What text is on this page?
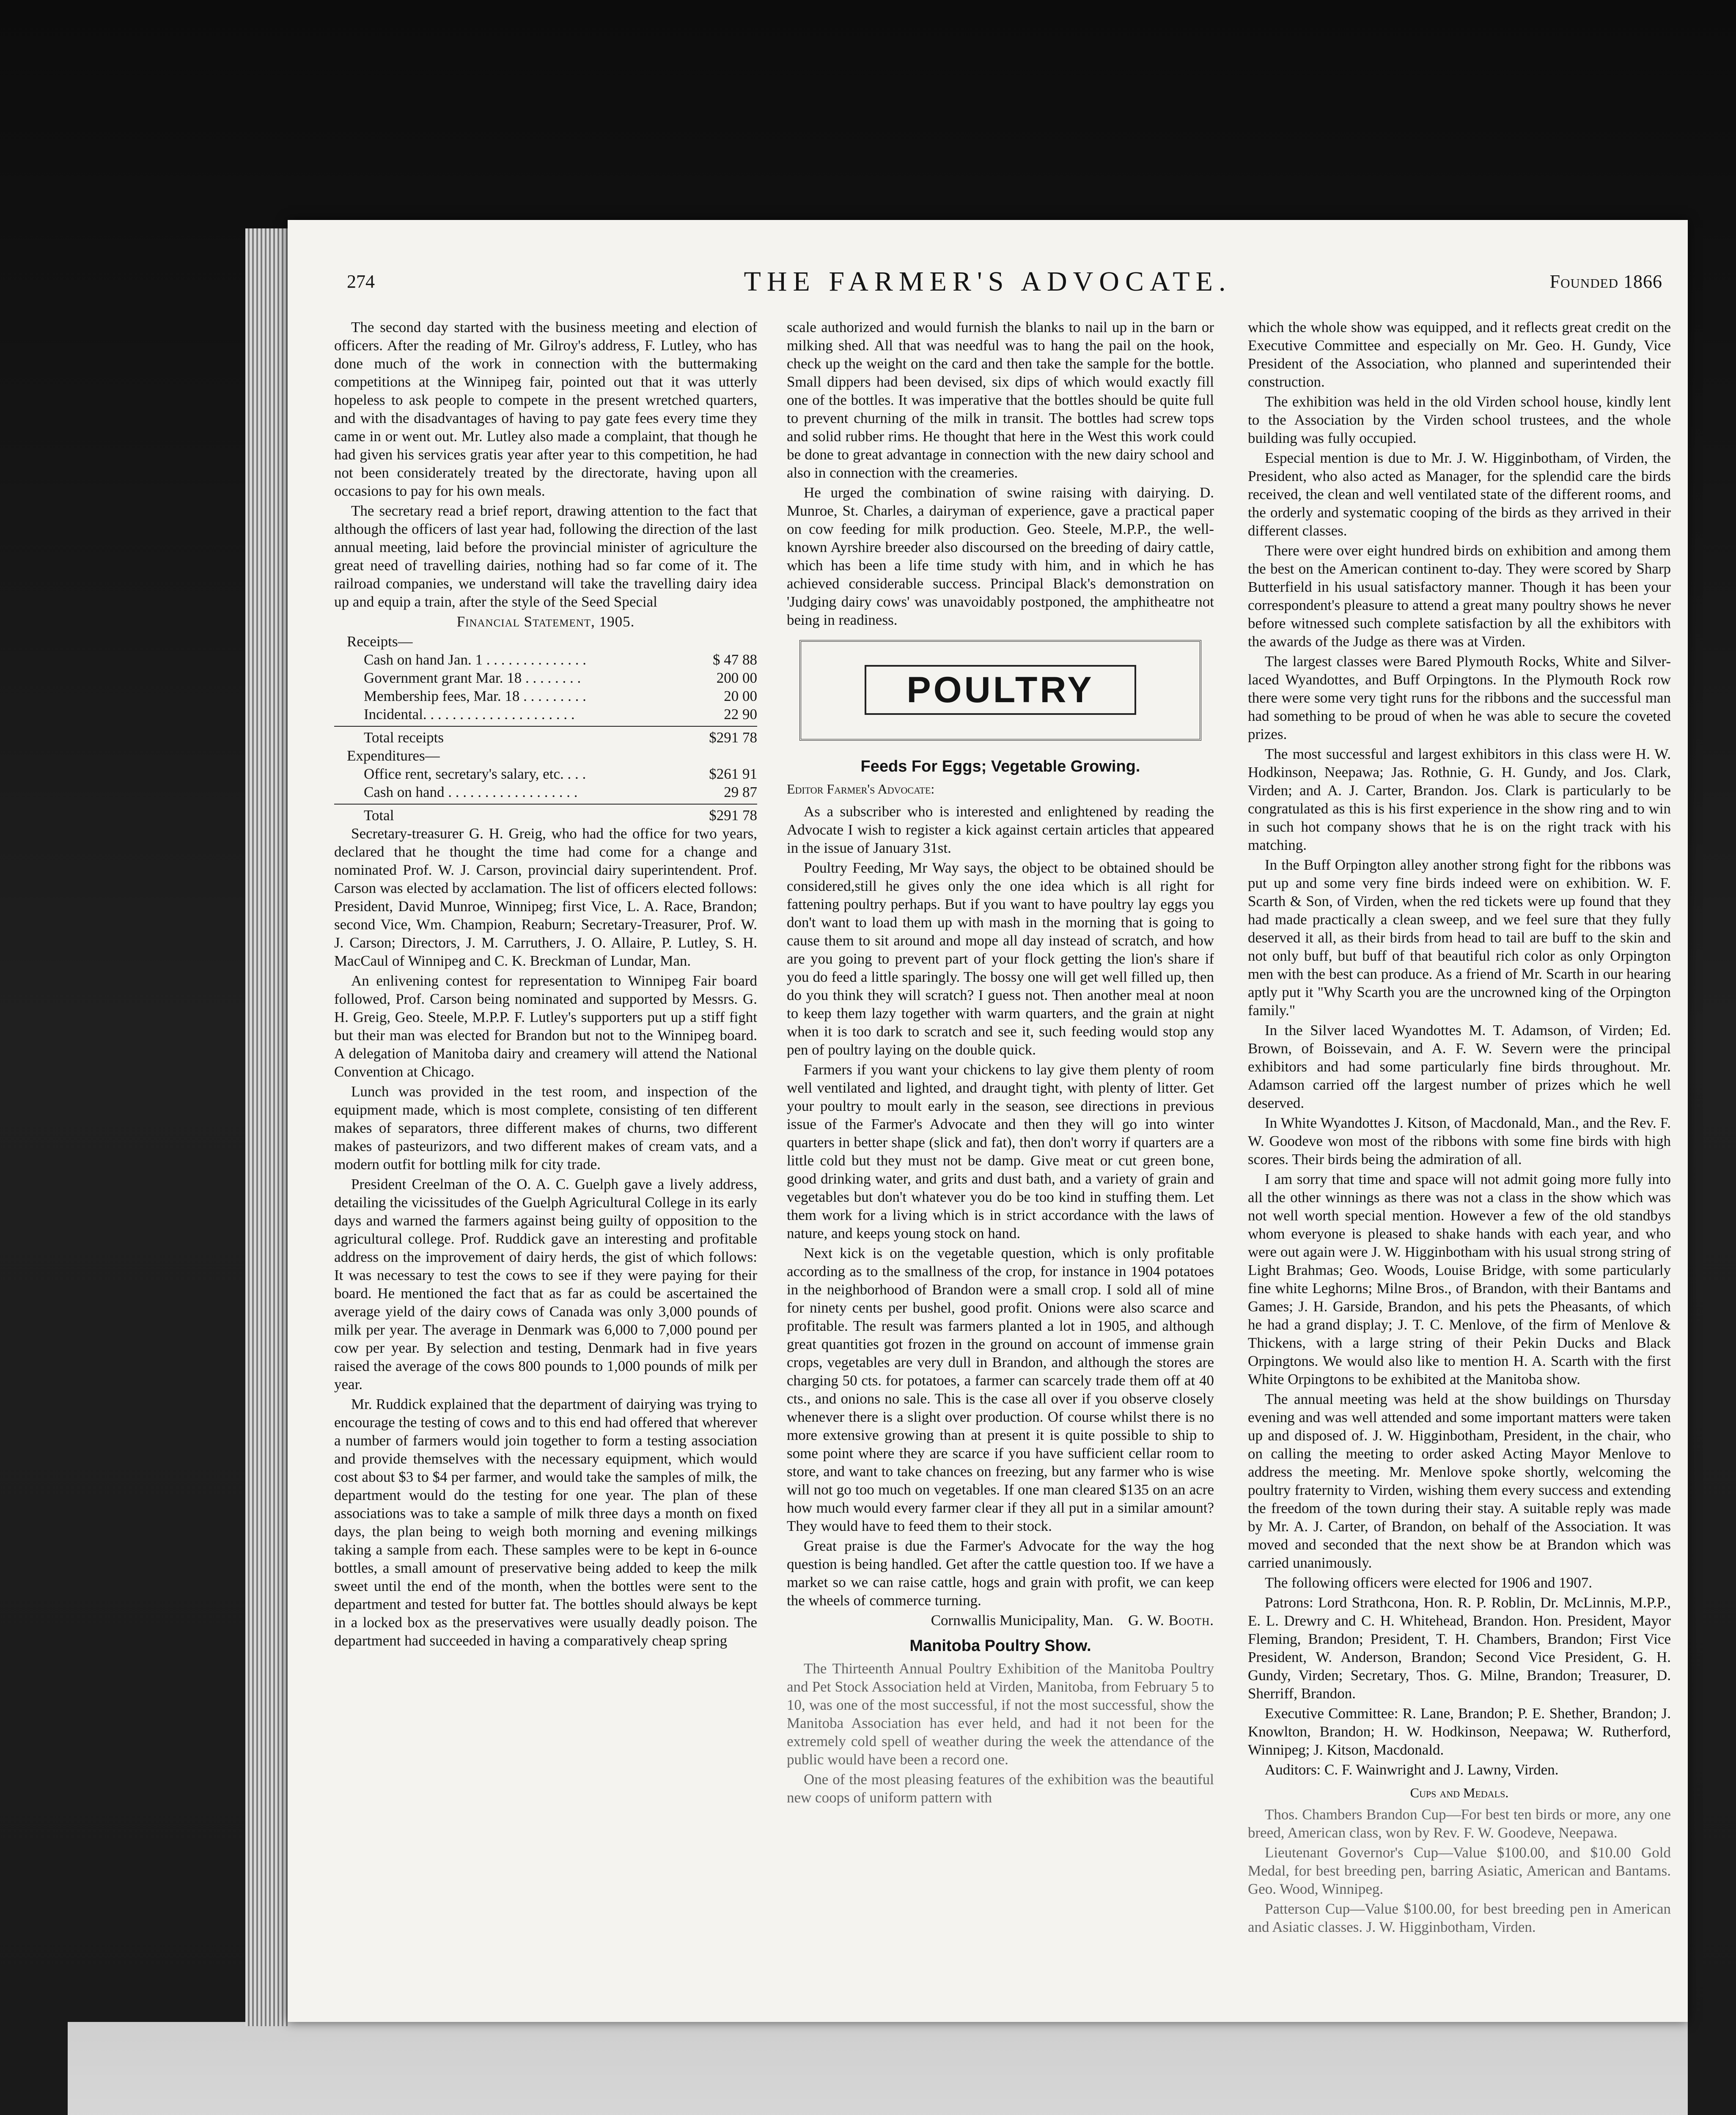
274	THE FARMER'S ADVOCATE.	Founded 1866

The second day started with the business meeting and election of officers. After the reading of Mr. Gilroy's address, F. Lutley, who has done much of the work in connection with the buttermaking competitions at the Winnipeg fair, pointed out that it was utterly hopeless to ask people to compete in the present wretched quarters, and with the disadvantages of having to pay gate fees every time they came in or went out. Mr. Lutley also made a complaint, that though he had given his services gratis year after year to this competition, he had not been considerately treated by the directorate, having upon all occasions to pay for his own meals.

The secretary read a brief report, drawing attention to the fact that although the officers of last year had, following the direction of the last annual meeting, laid before the provincial minister of agriculture the great need of travelling dairies, nothing had so far come of it. The railroad companies, we understand will take the travelling dairy idea up and equip a train, after the style of the Seed Special

Financial Statement, 1905.

Receipts—
Cash on hand Jan. 1 . . . . . . . . . . . . . .	$ 47 88
Government grant Mar. 18 . . . . . . . .	200 00
Membership fees, Mar. 18 . . . . . . . . .	20 00
Incidental. . . . . . . . . . . . . . . . . . . . .	22 90
Total receipts	$291 78
Expenditures—
Office rent, secretary's salary, etc. . . .	$261 91
Cash on hand . . . . . . . . . . . . . . . . . .	29 87
Total	$291 78

Secretary-treasurer G. H. Greig, who had the office for two years, declared that he thought the time had come for a change and nominated Prof. W. J. Carson, provincial dairy superintendent. Prof. Carson was elected by acclamation. The list of officers elected follows: President, David Munroe, Winnipeg; first Vice, L. A. Race, Brandon; second Vice, Wm. Champion, Reaburn; Secretary-Treasurer, Prof. W. J. Carson; Directors, J. M. Carruthers, J. O. Allaire, P. Lutley, S. H. MacCaul of Winnipeg and C. K. Breckman of Lundar, Man.

An enlivening contest for representation to Winnipeg Fair board followed, Prof. Carson being nominated and supported by Messrs. G. H. Greig, Geo. Steele, M.P.P. F. Lutley's supporters put up a stiff fight but their man was elected for Brandon but not to the Winnipeg board. A delegation of Manitoba dairy and creamery will attend the National Convention at Chicago.

Lunch was provided in the test room, and inspection of the equipment made, which is most complete, consisting of ten different makes of separators, three different makes of churns, two different makes of pasteurizors, and two different makes of cream vats, and a modern outfit for bottling milk for city trade.

President Creelman of the O. A. C. Guelph gave a lively address, detailing the vicissitudes of the Guelph Agricultural College in its early days and warned the farmers against being guilty of opposition to the agricultural college. Prof. Ruddick gave an interesting and profitable address on the improvement of dairy herds, the gist of which follows: It was necessary to test the cows to see if they were paying for their board. He mentioned the fact that as far as could be ascertained the average yield of the dairy cows of Canada was only 3,000 pounds of milk per year. The average in Denmark was 6,000 to 7,000 pound per cow per year. By selection and testing, Denmark had in five years raised the average of the cows 800 pounds to 1,000 pounds of milk per year.

Mr. Ruddick explained that the department of dairying was trying to encourage the testing of cows and to this end had offered that wherever a number of farmers would join together to form a testing association and provide themselves with the necessary equipment, which would cost about $3 to $4 per farmer, and would take the samples of milk, the department would do the testing for one year. The plan of these associations was to take a sample of milk three days a month on fixed days, the plan being to weigh both morning and evening milkings taking a sample from each. These samples were to be kept in 6-ounce bottles, a small amount of preservative being added to keep the milk sweet until the end of the month, when the bottles were sent to the department and tested for butter fat. The bottles should always be kept in a locked box as the preservatives were usually deadly poison. The department had succeeded in having a comparatively cheap spring

scale authorized and would furnish the blanks to nail up in the barn or milking shed. All that was needful was to hang the pail on the hook, check up the weight on the card and then take the sample for the bottle. Small dippers had been devised, six dips of which would exactly fill one of the bottles. It was imperative that the bottles should be quite full to prevent churning of the milk in transit. The bottles had screw tops and solid rubber rims. He thought that here in the West this work could be done to great advantage in connection with the new dairy school and also in connection with the creameries.

He urged the combination of swine raising with dairying. D. Munroe, St. Charles, a dairyman of experience, gave a practical paper on cow feeding for milk production. Geo. Steele, M.P.P., the well-known Ayrshire breeder also discoursed on the breeding of dairy cattle, which has been a life time study with him, and in which he has achieved considerable success. Principal Black's demonstration on 'Judging dairy cows' was unavoidably postponed, the amphitheatre not being in readiness.

POULTRY
Feeds For Eggs; Vegetable Growing.
Editor Farmer's Advocate:

As a subscriber who is interested and enlightened by reading the Advocate I wish to register a kick against certain articles that appeared in the issue of January 31st.

Poultry Feeding, Mr Way says, the object to be obtained should be considered,still he gives only the one idea which is all right for fattening poultry perhaps. But if you want to have poultry lay eggs you don't want to load them up with mash in the morning that is going to cause them to sit around and mope all day instead of scratch, and how are you going to prevent part of your flock getting the lion's share if you do feed a little sparingly. The bossy one will get well filled up, then do you think they will scratch? I guess not. Then another meal at noon to keep them lazy together with warm quarters, and the grain at night when it is too dark to scratch and see it, such feeding would stop any pen of poultry laying on the double quick.

Farmers if you want your chickens to lay give them plenty of room well ventilated and lighted, and draught tight, with plenty of litter. Get your poultry to moult early in the season, see directions in previous issue of the Farmer's Advocate and then they will go into winter quarters in better shape (slick and fat), then don't worry if quarters are a little cold but they must not be damp. Give meat or cut green bone, good drinking water, and grits and dust bath, and a variety of grain and vegetables but don't whatever you do be too kind in stuffing them. Let them work for a living which is in strict accordance with the laws of nature, and keeps young stock on hand.

Next kick is on the vegetable question, which is only profitable according as to the smallness of the crop, for instance in 1904 potatoes in the neighborhood of Brandon were a small crop. I sold all of mine for ninety cents per bushel, good profit. Onions were also scarce and profitable. The result was farmers planted a lot in 1905, and although great quantities got frozen in the ground on account of immense grain crops, vegetables are very dull in Brandon, and although the stores are charging 50 cts. for potatoes, a farmer can scarcely trade them off at 40 cts., and onions no sale. This is the case all over if you observe closely whenever there is a slight over production. Of course whilst there is no more extensive growing than at present it is quite possible to ship to some point where they are scarce if you have sufficient cellar room to store, and want to take chances on freezing, but any farmer who is wise will not go too much on vegetables. If one man cleared $135 on an acre how much would every farmer clear if they all put in a similar amount? They would have to feed them to their stock.

Great praise is due the Farmer's Advocate for the way the hog question is being handled. Get after the cattle question too. If we have a market so we can raise cattle, hogs and grain with profit, we can keep the wheels of commerce turning.

Cornwallis Municipality, Man. G. W. Booth.

Manitoba Poultry Show.

The Thirteenth Annual Poultry Exhibition of the Manitoba Poultry and Pet Stock Association held at Virden, Manitoba, from February 5 to 10, was one of the most successful, if not the most successful, show the Manitoba Association has ever held, and had it not been for the extremely cold spell of weather during the week the attendance of the public would have been a record one.

One of the most pleasing features of the exhibition was the beautiful new coops of uniform pattern with

which the whole show was equipped, and it reflects great credit on the Executive Committee and especially on Mr. Geo. H. Gundy, Vice President of the Association, who planned and superintended their construction.

The exhibition was held in the old Virden school house, kindly lent to the Association by the Virden school trustees, and the whole building was fully occupied.

Especial mention is due to Mr. J. W. Higginbotham, of Virden, the President, who also acted as Manager, for the splendid care the birds received, the clean and well ventilated state of the different rooms, and the orderly and systematic cooping of the birds as they arrived in their different classes.

There were over eight hundred birds on exhibition and among them the best on the American continent to-day. They were scored by Sharp Butterfield in his usual satisfactory manner. Though it has been your correspondent's pleasure to attend a great many poultry shows he never before witnessed such complete satisfaction by all the exhibitors with the awards of the Judge as there was at Virden.

The largest classes were Bared Plymouth Rocks, White and Silver-laced Wyandottes, and Buff Orpingtons. In the Plymouth Rock row there were some very tight runs for the ribbons and the successful man had something to be proud of when he was able to secure the coveted prizes.

The most successful and largest exhibitors in this class were H. W. Hodkinson, Neepawa; Jas. Rothnie, G. H. Gundy, and Jos. Clark, Virden; and A. J. Carter, Brandon. Jos. Clark is particularly to be congratulated as this is his first experience in the show ring and to win in such hot company shows that he is on the right track with his matching.

In the Buff Orpington alley another strong fight for the ribbons was put up and some very fine birds indeed were on exhibition. W. F. Scarth & Son, of Virden, when the red tickets were up found that they had made practically a clean sweep, and we feel sure that they fully deserved it all, as their birds from head to tail are buff to the skin and not only buff, but buff of that beautiful rich color as only Orpington men with the best can produce. As a friend of Mr. Scarth in our hearing aptly put it "Why Scarth you are the uncrowned king of the Orpington family."

In the Silver laced Wyandottes M. T. Adamson, of Virden; Ed. Brown, of Boissevain, and A. F. W. Severn were the principal exhibitors and had some particularly fine birds throughout. Mr. Adamson carried off the largest number of prizes which he well deserved.

In White Wyandottes J. Kitson, of Macdonald, Man., and the Rev. F. W. Goodeve won most of the ribbons with some fine birds with high scores. Their birds being the admiration of all.

I am sorry that time and space will not admit going more fully into all the other winnings as there was not a class in the show which was not well worth special mention. However a few of the old standbys whom everyone is pleased to shake hands with each year, and who were out again were J. W. Higginbotham with his usual strong string of Light Brahmas; Geo. Woods, Louise Bridge, with some particularly fine white Leghorns; Milne Bros., of Brandon, with their Bantams and Games; J. H. Garside, Brandon, and his pets the Pheasants, of which he had a grand display; J. T. C. Menlove, of the firm of Menlove & Thickens, with a large string of their Pekin Ducks and Black Orpingtons. We would also like to mention H. A. Scarth with the first White Orpingtons to be exhibited at the Manitoba show.

The annual meeting was held at the show buildings on Thursday evening and was well attended and some important matters were taken up and disposed of. J. W. Higginbotham, President, in the chair, who on calling the meeting to order asked Acting Mayor Menlove to address the meeting. Mr. Menlove spoke shortly, welcoming the poultry fraternity to Virden, wishing them every success and extending the freedom of the town during their stay. A suitable reply was made by Mr. A. J. Carter, of Brandon, on behalf of the Association. It was moved and seconded that the next show be at Brandon which was carried unanimously.

The following officers were elected for 1906 and 1907.

Patrons: Lord Strathcona, Hon. R. P. Roblin, Dr. McLinnis, M.P.P., E. L. Drewry and C. H. Whitehead, Brandon. Hon. President, Mayor Fleming, Brandon; President, T. H. Chambers, Brandon; First Vice President, W. Anderson, Brandon; Second Vice President, G. H. Gundy, Virden; Secretary, Thos. G. Milne, Brandon; Treasurer, D. Sherriff, Brandon.

Executive Committee: R. Lane, Brandon; P. E. Shether, Brandon; J. Knowlton, Brandon; H. W. Hodkinson, Neepawa; W. Rutherford, Winnipeg; J. Kitson, Macdonald.

Auditors: C. F. Wainwright and J. Lawny, Virden.

Cups and Medals.

Thos. Chambers Brandon Cup—For best ten birds or more, any one breed, American class, won by Rev. F. W. Goodeve, Neepawa.

Lieutenant Governor's Cup—Value $100.00, and $10.00 Gold Medal, for best breeding pen, barring Asiatic, American and Bantams. Geo. Wood, Winnipeg.

Patterson Cup—Value $100.00, for best breeding pen in American and Asiatic classes. J. W. Higginbotham, Virden.
